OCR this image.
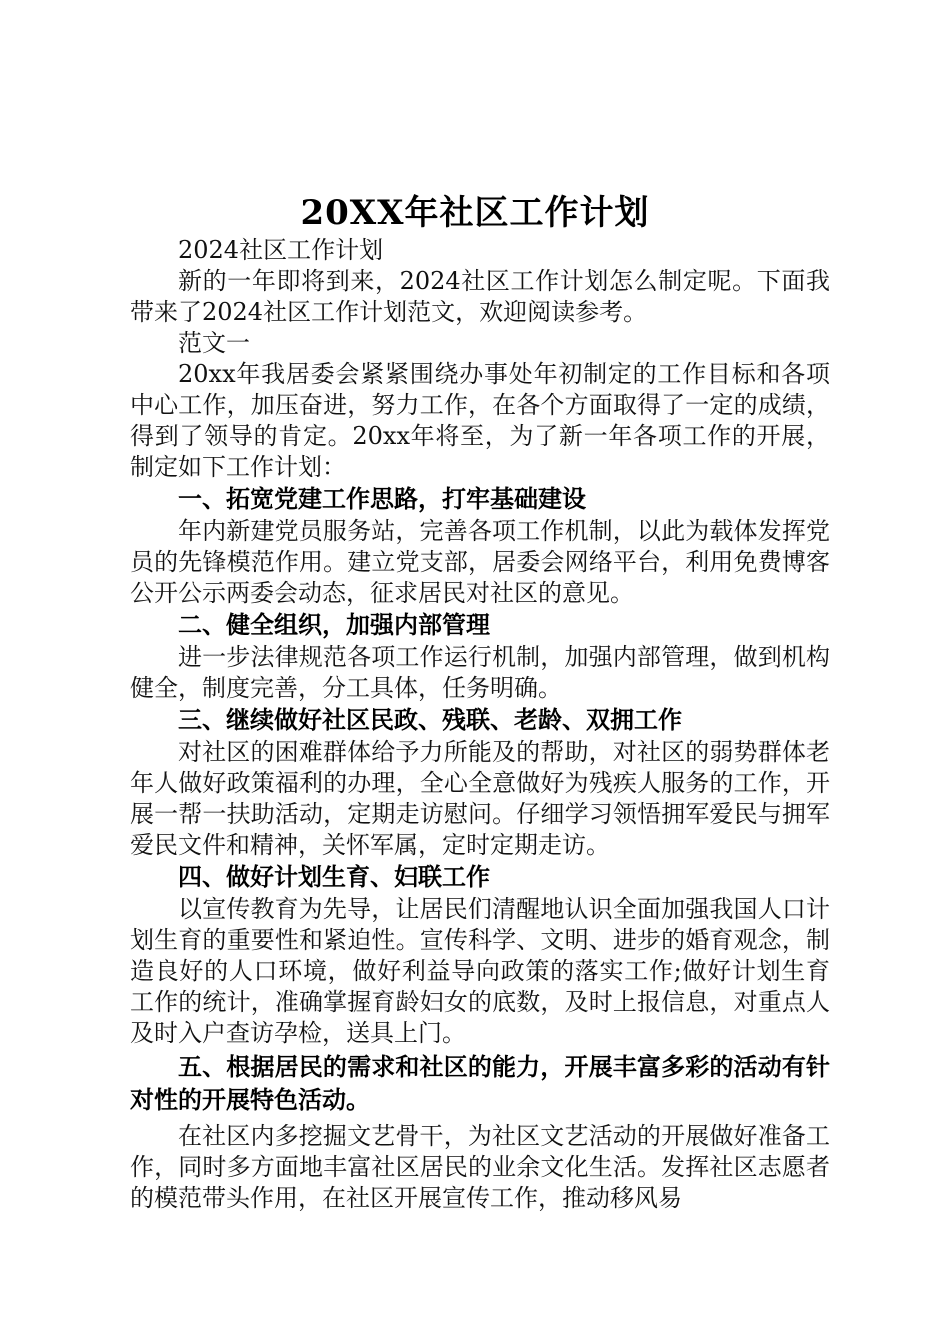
20XX年社区工作计划

2024社区工作计划

新的一年即将到来，2024社区工作计划怎么制定呢。下面我带来了2024社区工作计划范文，欢迎阅读参考。

范文一

20xx年我居委会紧紧围绕办事处年初制定的工作目标和各项中心工作，加压奋进，努力工作，在各个方面取得了一定的成绩，得到了领导的肯定。20xx年将至，为了新一年各项工作的开展，制定如下工作计划：

一、拓宽党建工作思路，打牢基础建设

年内新建党员服务站，完善各项工作机制，以此为载体发挥党员的先锋模范作用。建立党支部，居委会网络平台，利用免费博客公开公示两委会动态，征求居民对社区的意见。

二、健全组织，加强内部管理

进一步法律规范各项工作运行机制，加强内部管理，做到机构健全，制度完善，分工具体，任务明确。

三、继续做好社区民政、残联、老龄、双拥工作

对社区的困难群体给予力所能及的帮助，对社区的弱势群体老年人做好政策福利的办理，全心全意做好为残疾人服务的工作，开展一帮一扶助活动，定期走访慰问。仔细学习领悟拥军爱民与拥军爱民文件和精神，关怀军属，定时定期走访。

四、做好计划生育、妇联工作

以宣传教育为先导，让居民们清醒地认识全面加强我国人口计划生育的重要性和紧迫性。宣传科学、文明、进步的婚育观念，制造良好的人口环境，做好利益导向政策的落实工作;做好计划生育工作的统计，准确掌握育龄妇女的底数，及时上报信息，对重点人及时入户查访孕检，送具上门。

五、根据居民的需求和社区的能力，开展丰富多彩的活动有针对性的开展特色活动。

在社区内多挖掘文艺骨干，为社区文艺活动的开展做好准备工作，同时多方面地丰富社区居民的业余文化生活。发挥社区志愿者的模范带头作用，在社区开展宣传工作，推动移风易
